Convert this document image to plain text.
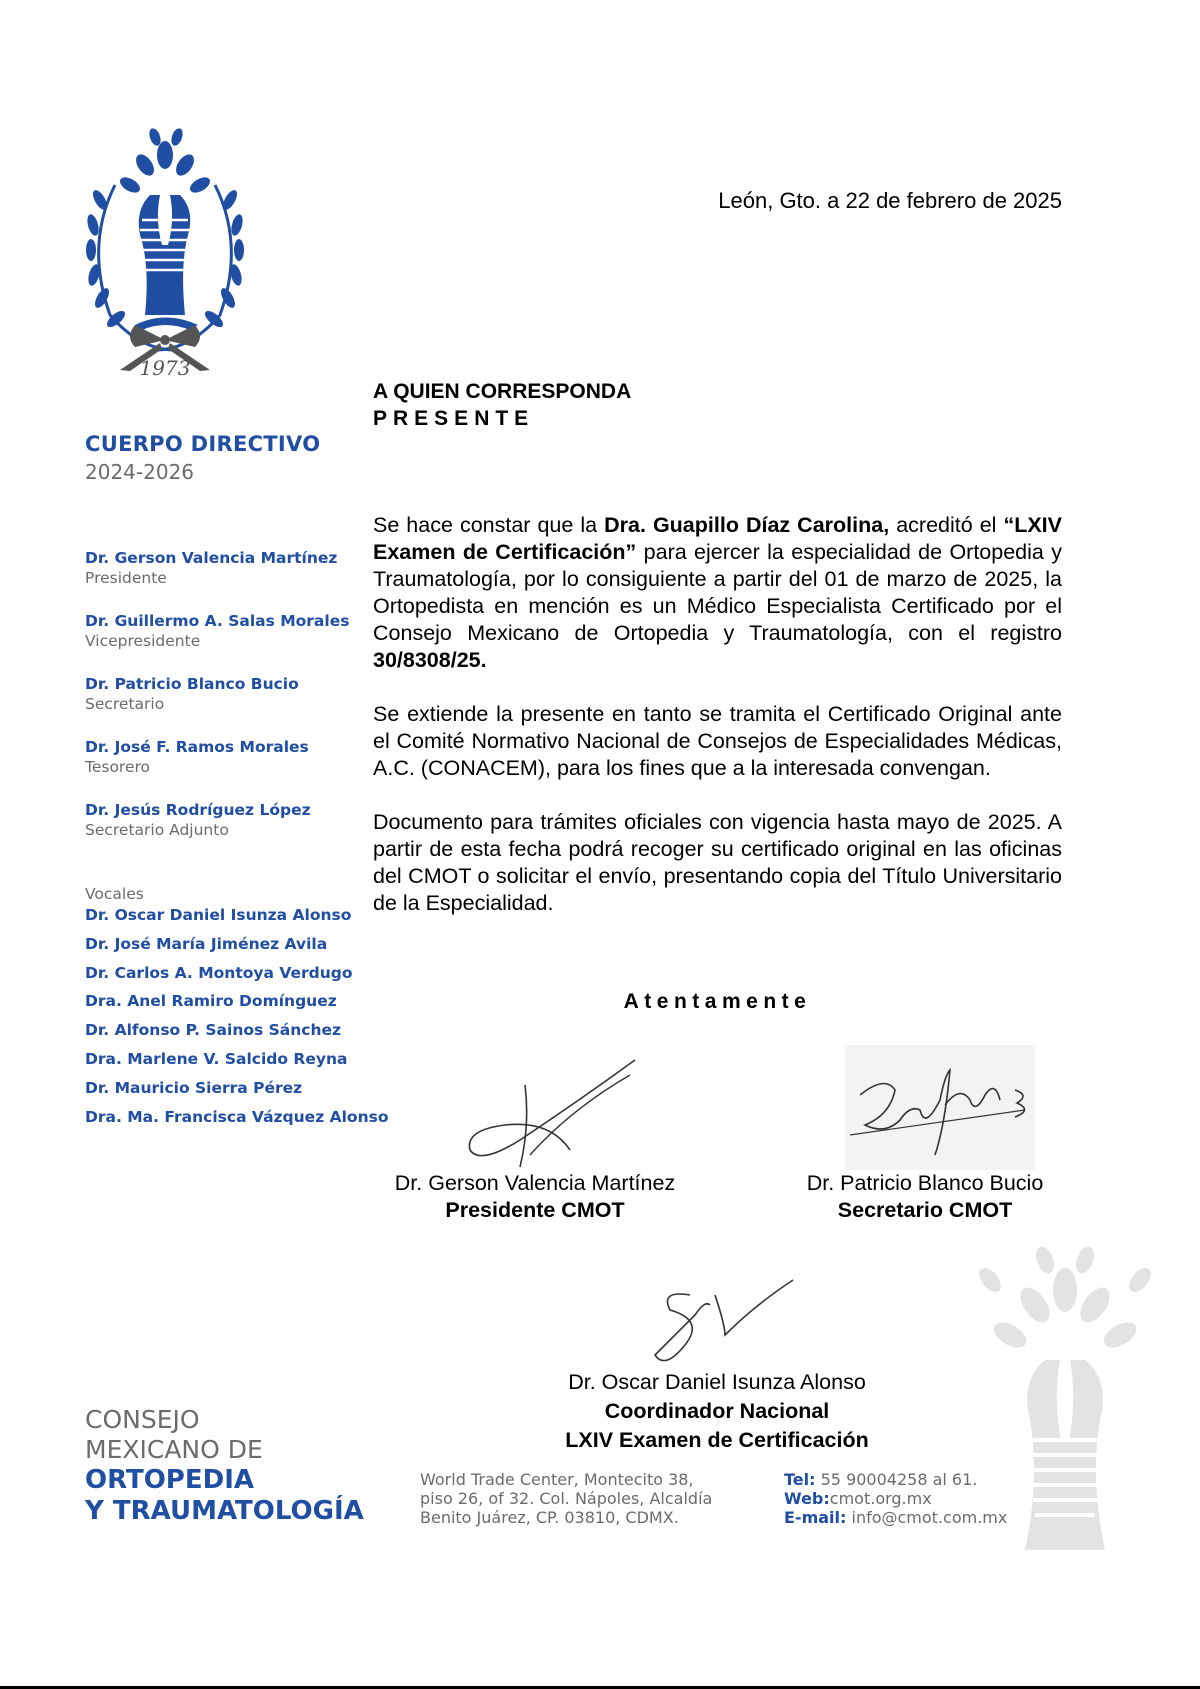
1973
CUERPO DIRECTIVO
2024-2026
Dr. Gerson Valencia Martínez
Presidente
Dr. Guillermo A. Salas Morales
Vicepresidente
Dr. Patricio Blanco Bucio
Secretario
Dr. José F. Ramos Morales
Tesorero
Dr. Jesús Rodríguez López
Secretario Adjunto
Vocales
Dr. Oscar Daniel Isunza Alonso
Dr. José María Jiménez Avila
Dr. Carlos A. Montoya Verdugo
Dra. Anel Ramiro Domínguez
Dr. Alfonso P. Sainos Sánchez
Dra. Marlene V. Salcido Reyna
Dr. Mauricio Sierra Pérez
Dra. Ma. Francisca Vázquez Alonso
CONSEJO
MEXICANO DE
ORTOPEDIA
Y TRAUMATOLOGÍA
León, Gto. a 22 de febrero de 2025
A QUIEN CORRESPONDA
PRESENTE

Se hace constar que la Dra. Guapillo Díaz Carolina, acreditó el “LXIV Examen de Certificación” para ejercer la especialidad de Ortopedia y Traumatología, por lo consiguiente a partir del 01 de marzo de 2025, la Ortopedista en mención es un Médico Especialista Certificado por el Consejo Mexicano de Ortopedia y Traumatología, con el registro 30/8308/25.

Se extiende la presente en tanto se tramita el Certificado Original ante el Comité Normativo Nacional de Consejos de Especialidades Médicas, A.C. (CONACEM), para los fines que a la interesada convengan.

Documento para trámites oficiales con vigencia hasta mayo de 2025. A partir de esta fecha podrá recoger su certificado original en las oficinas del CMOT o solicitar el envío, presentando copia del Título Universitario de la Especialidad.

Atentamente
Dr. Gerson Valencia Martínez
Presidente CMOT
Dr. Patricio Blanco Bucio
Secretario CMOT
Dr. Oscar Daniel Isunza Alonso
Coordinador Nacional
LXIV Examen de Certificación
World Trade Center, Montecito 38,
piso 26, of 32. Col. Nápoles, Alcaldía
Benito Juárez, CP. 03810, CDMX.
Tel: 55 90004258 al 61.
Web:cmot.org.mx
E-mail: info@cmot.com.mx
